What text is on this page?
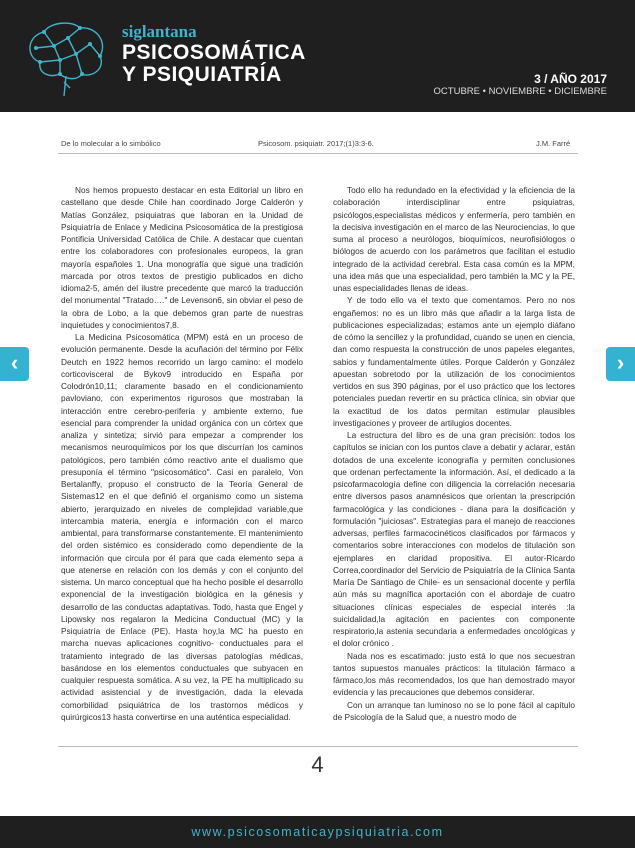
siglantana
PSICOSOMÁTICA
Y PSIQUIATRÍA	3 / AÑO 2017
OCTUBRE • NOVIEMBRE • DICIEMBRE
De lo molecular a lo simbólico	Psicosom. psiquiatr. 2017;(1)3:3-6.	J.M. Farré

Nos hemos propuesto destacar en esta Editorial un libro en castellano que desde Chile han coordinado Jorge Calderón y Matías González, psiquiatras que laboran en la Unidad de Psiquiatría de Enlace y Medicina Psicosomática de la prestigiosa Pontificia Universidad Católica de Chile. A destacar que cuentan entre los colaboradores con profesionales europeos, la gran mayoría españoles 1. Una monografía que sigue una tradición marcada por otros textos de prestigio publicados en dicho idioma2-5, amén del ilustre precedente que marcó la traducción del monumental "Tratado…." de Levenson6, sin obviar el peso de la obra de Lobo, a la que debemos gran parte de nuestras inquietudes y conocimientos7,8.

La Medicina Psicosomática (MPM) está en un proceso de evolución permanente. Desde la acuñación del término por Félix Deutch en 1922 hemos recorrido un largo camino: el modelo corticovisceral de Bykov9 introducido en España por Colodrón10,11; claramente basado en el condicionamiento pavloviano, con experimentos rigurosos que mostraban la interacción entre cerebro-periferia y ambiente externo, fue esencial para comprender la unidad orgánica con un córtex que analiza y sintetiza; sirvió para empezar a comprender los mecanismos neuroquímicos por los que discurrían los caminos patológicos, pero también cómo reactivo ante el dualismo que presuponía el término "psicosomático". Casi en paralelo, Von Bertalanffy, propuso el constructo de la Teoría General de Sistemas12 en el que definió el organismo como un sistema abierto, jerarquizado en niveles de complejidad variable,que intercambia materia, energía e información con el marco ambiental, para transformarse constantemente. El mantenimiento del orden sistémico es considerado como dependiente de la información que circula por él para que cada elemento sepa a que atenerse en relación con los demás y con el conjunto del sistema. Un marco conceptual que ha hecho posible el desarrollo exponencial de la investigación biológica en la génesis y desarrollo de las conductas adaptativas. Todo, hasta que Engel y Lipowsky nos regalaron la Medicina Conductual (MC) y la Psiquiatría de Enlace (PE). Hasta hoy,la MC ha puesto en marcha nuevas aplicaciones cognitivo- conductuales para el tratamiento integrado de las diversas patologías médicas, basándose en los elementos conductuales que subyacen en cualquier respuesta somática. A su vez, la PE ha multiplicado su actividad asistencial y de investigación, dada la elevada comorbilidad psiquiátrica de los trastornos médicos y quirúrgicos13 hasta convertirse en una auténtica especialidad.

Todo ello ha redundado en la efectividad y la eficiencia de la colaboración interdisciplinar entre psiquiatras, psicólogos,especialistas médicos y enfermería, pero también en la decisiva investigación en el marco de las Neurociencias, lo que suma al proceso a neurólogos, bioquímicos, neurofisiólogos o biólogos de acuerdo con los parámetros que facilitan el estudio integrado de la actividad cerebral. Esta casa común es la MPM, una idea más que una especialidad, pero también la MC y la PE, unas especialidades llenas de ideas.

Y de todo ello va el texto que comentamos. Pero no nos engañemos: no es un libro más que añadir a la larga lista de publicaciones especializadas; estamos ante un ejemplo diáfano de cómo la sencillez y la profundidad, cuando se unen en ciencia, dan como respuesta la construcción de unos papeles elegantes, sabios y fundamentalmente útiles. Porque Calderón y González apuestan sobretodo por la utilización de los conocimientos vertidos en sus 390 páginas, por el uso práctico que los lectores potenciales puedan revertir en su práctica clínica, sin obviar que la exactitud de los datos permitan estimular plausibles investigaciones y proveer de artilugios docentes.

La estructura del libro es de una gran precisión: todos los capítulos se inician con los puntos clave a debatir y aclarar, están dotados de una excelente iconografía y permiten conclusiones que ordenan perfectamente la información. Así, el dedicado a la psicofarmacología define con diligencia la correlación necesaria entre diversos pasos anamnésicos que orientan la prescripción farmacológica y las condiciones - diana para la dosificación y formulación "juiciosas". Estrategias para el manejo de reacciones adversas, perfiles farmacocinéticos clasificados por fármacos y comentarios sobre interacciones con modelos de titulación son ejemplares en claridad propositiva. El autor-Ricardo Correa,coordinador del Servicio de Psiquiatría de la Clínica Santa María De Santiago de Chile- es un sensacional docente y perfila aún más su magnífica aportación con el abordaje de cuatro situaciones clínicas especiales de especial interés :la suicidalidad,la agitación en pacientes con componente respiratorio,la astenia secundaria a enfermedades oncológicas y el dolor crónico .

Nada nos es escatimado: justo está lo que nos secuestran tantos supuestos manuales prácticos: la titulación fármaco a fármaco,los más recomendados, los que han demostrado mayor evidencia y las precauciones que debemos considerar.

Con un arranque tan luminoso no se lo pone fácil al capítulo de Psicología de la Salud que, a nuestro modo de

‹	›
4
www.psicosomaticaypsiquiatria.com
